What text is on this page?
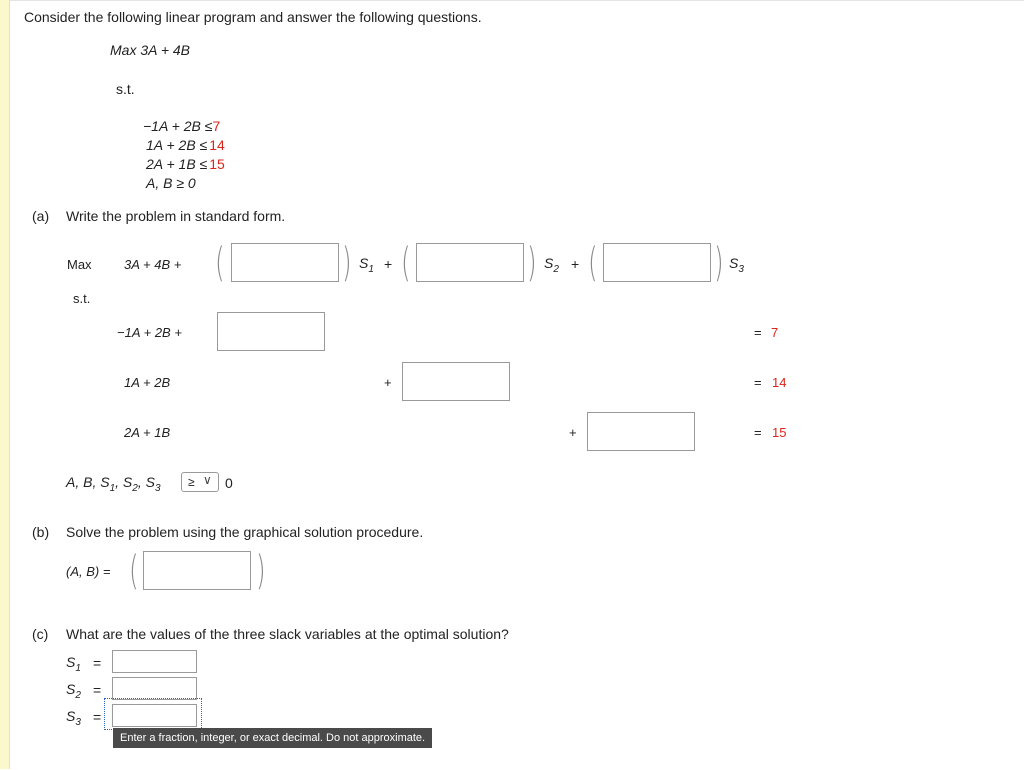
Consider the following linear program and answer the following questions.
Max 3A + 4B
s.t.
−1A + 2B ≤7
1A + 2B ≤ 14
2A + 1B ≤ 15
A, B ≥ 0
(a) Write the problem in standard form.
Max 3A + 4B + (	) $S_1$ + (	) $S_2$ + (	) $S_3$
s.t.
−1A + 2B +	= 7
1A + 2B	+	= 14
2A + 1B	+	= 15
A, B, $S_1$, $S_2$, $S_3$ ≥ ∨ 0
(b) Solve the problem using the graphical solution procedure.
(A, B) = (	)
(c) What are the values of the three slack variables at the optimal solution?
$S_1$ =
$S_2$ =
$S_3$ =
Enter a fraction, integer, or exact decimal. Do not approximate.
